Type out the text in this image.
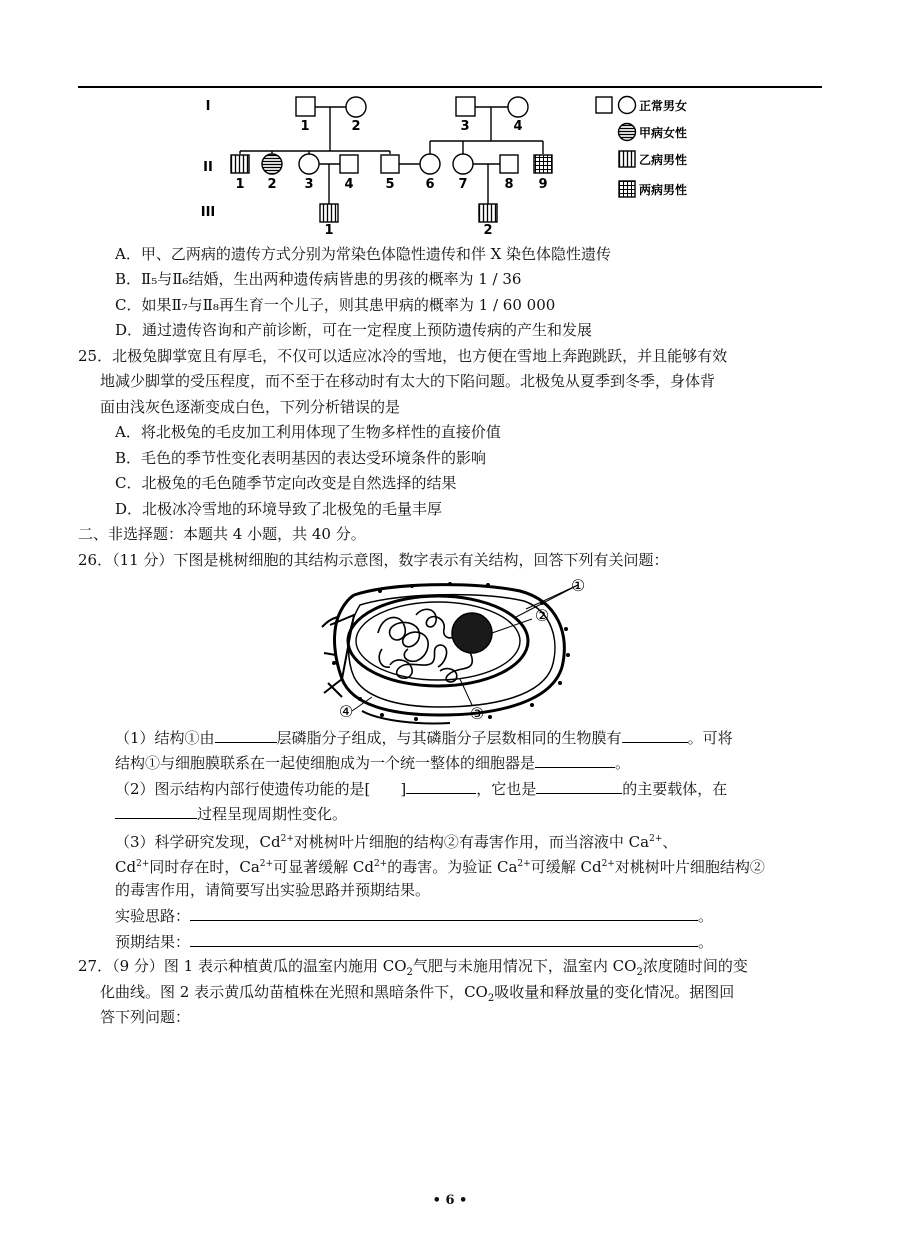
I
II
III
1	2	3	4
1 2 3 4 5 6 7	8 9
1	2
正常男女
甲病女性
乙病男性
两病男性
A．甲、乙两病的遗传方式分别为常染色体隐性遗传和伴 X 染色体隐性遗传
B．Ⅱ₅与Ⅱ₆结婚，生出两种遗传病皆患的男孩的概率为 1 / 36
C．如果Ⅱ₇与Ⅱ₈再生育一个儿子，则其患甲病的概率为 1 / 60 000
D．通过遗传咨询和产前诊断，可在一定程度上预防遗传病的产生和发展
25．北极兔脚掌宽且有厚毛，不仅可以适应冰冷的雪地，也方便在雪地上奔跑跳跃，并且能够有效
地减少脚掌的受压程度，而不至于在移动时有太大的下陷问题。北极兔从夏季到冬季，身体背
面由浅灰色逐渐变成白色，下列分析错误的是
A．将北极兔的毛皮加工利用体现了生物多样性的直接价值
B．毛色的季节性变化表明基因的表达受环境条件的影响
C．北极兔的毛色随季节定向改变是自然选择的结果
D．北极冰冷雪地的环境导致了北极兔的毛量丰厚
二、非选择题：本题共 4 小题，共 40 分。
26．（11 分）下图是桃树细胞的其结构示意图，数字表示有关结构，回答下列有关问题：
①
②
③
④
（1）结构①由	层磷脂分子组成，与其磷脂分子层数相同的生物膜有	。可将
结构①与细胞膜联系在一起使细胞成为一个统一整体的细胞器是	。
（2）图示结构内部行使遗传功能的是[　　]	，它也是	的主要载体，在
过程呈现周期性变化。
（3）科学研究发现，$Cd^{2+}$对桃树叶片细胞的结构②有毒害作用，而当溶液中 $Ca^{2+}$、
$Cd^{2+}$同时存在时，$Ca^{2+}$可显著缓解 $Cd^{2+}$的毒害。为验证 $Ca^{2+}$可缓解 $Cd^{2+}$对桃树叶片细胞结构②
的毒害作用，请简要写出实验思路并预期结果。
实验思路：	。
预期结果：	。
27．（9 分）图 1 表示种植黄瓜的温室内施用 $CO_2$气肥与未施用情况下，温室内 $CO_2$浓度随时间的变
化曲线。图 2 表示黄瓜幼苗植株在光照和黑暗条件下，$CO_2$吸收量和释放量的变化情况。据图回
答下列问题：
• 6 •
